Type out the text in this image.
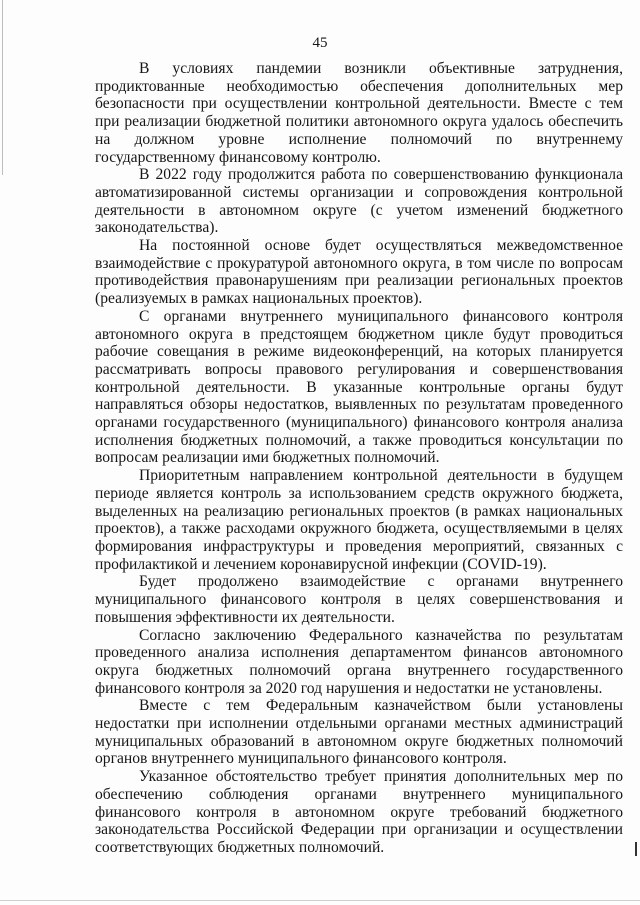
45

В условиях пандемии возникли объективные затруднения, продиктованные необходимостью обеспечения дополнительных мер безопасности при осуществлении контрольной деятельности. Вместе с тем при реализации бюджетной политики автономного округа удалось обеспечить на должном уровне исполнение полномочий по внутреннему государственному финансовому контролю.

В 2022 году продолжится работа по совершенствованию функционала автоматизированной системы организации и сопровождения контрольной деятельности в автономном округе (с учетом изменений бюджетного законодательства).

На постоянной основе будет осуществляться межведомственное взаимодействие с прокуратурой автономного округа, в том числе по вопросам противодействия правонарушениям при реализации региональных проектов (реализуемых в рамках национальных проектов).

С органами внутреннего муниципального финансового контроля автономного округа в предстоящем бюджетном цикле будут проводиться рабочие совещания в режиме видеоконференций, на которых планируется рассматривать вопросы правового регулирования и совершенствования контрольной деятельности. В указанные контрольные органы будут направляться обзоры недостатков, выявленных по результатам проведенного органами государственного (муниципального) финансового контроля анализа исполнения бюджетных полномочий, а также проводиться консультации по вопросам реализации ими бюджетных полномочий.

Приоритетным направлением контрольной деятельности в будущем периоде является контроль за использованием средств окружного бюджета, выделенных на реализацию региональных проектов (в рамках национальных проектов), а также расходами окружного бюджета, осуществляемыми в целях формирования инфраструктуры и проведения мероприятий, связанных с профилактикой и лечением коронавирусной инфекции (COVID-19).

Будет продолжено взаимодействие с органами внутреннего муниципального финансового контроля в целях совершенствования и повышения эффективности их деятельности.

Согласно заключению Федерального казначейства по результатам проведенного анализа исполнения департаментом финансов автономного округа бюджетных полномочий органа внутреннего государственного финансового контроля за 2020 год нарушения и недостатки не установлены.

Вместе с тем Федеральным казначейством были установлены недостатки при исполнении отдельными органами местных администраций муниципальных образований в автономном округе бюджетных полномочий органов внутреннего муниципального финансового контроля.

Указанное обстоятельство требует принятия дополнительных мер по обеспечению соблюдения органами внутреннего муниципального финансового контроля в автономном округе требований бюджетного законодательства Российской Федерации при организации и осуществлении соответствующих бюджетных полномочий.
